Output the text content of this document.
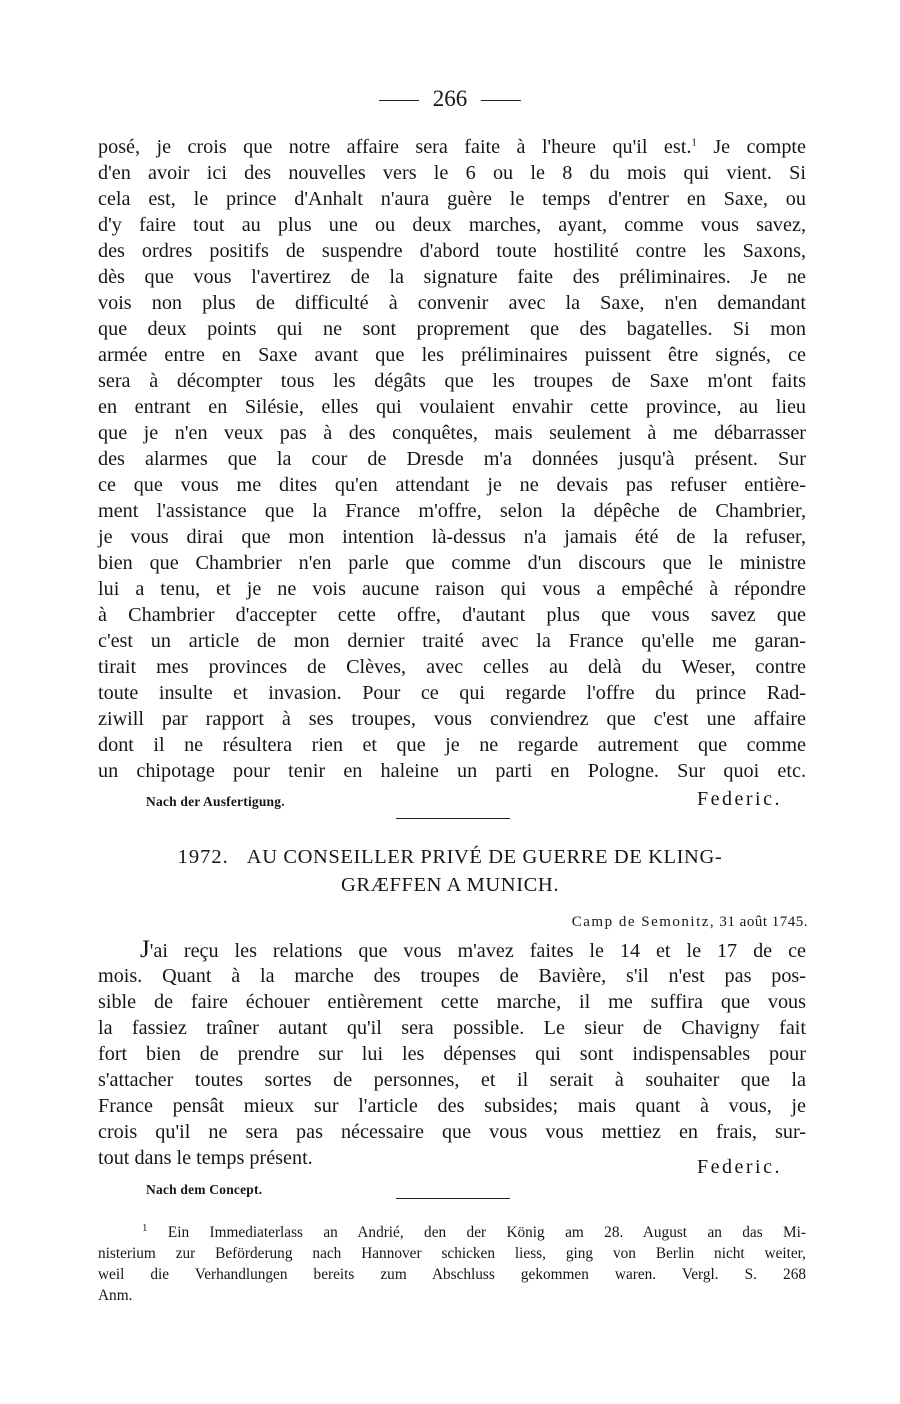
266
posé, je crois que notre affaire sera faite à l'heure qu'il est.$^1$ Je compte
d'en avoir ici des nouvelles vers le 6 ou le 8 du mois qui vient. Si
cela est, le prince d'Anhalt n'aura guère le temps d'entrer en Saxe, ou
d'y faire tout au plus une ou deux marches, ayant, comme vous savez,
des ordres positifs de suspendre d'abord toute hostilité contre les Saxons,
dès que vous l'avertirez de la signature faite des préliminaires. Je ne
vois non plus de difficulté à convenir avec la Saxe, n'en demandant
que deux points qui ne sont proprement que des bagatelles. Si mon
armée entre en Saxe avant que les préliminaires puissent être signés, ce
sera à décompter tous les dégâts que les troupes de Saxe m'ont faits
en entrant en Silésie, elles qui voulaient envahir cette province, au lieu
que je n'en veux pas à des conquêtes, mais seulement à me débarrasser
des alarmes que la cour de Dresde m'a données jusqu'à présent. Sur
ce que vous me dites qu'en attendant je ne devais pas refuser entière-
ment l'assistance que la France m'offre, selon la dépêche de Chambrier,
je vous dirai que mon intention là-dessus n'a jamais été de la refuser,
bien que Chambrier n'en parle que comme d'un discours que le ministre
lui a tenu, et je ne vois aucune raison qui vous a empêché à répondre
à Chambrier d'accepter cette offre, d'autant plus que vous savez que
c'est un article de mon dernier traité avec la France qu'elle me garan-
tirait mes provinces de Clèves, avec celles au delà du Weser, contre
toute insulte et invasion. Pour ce qui regarde l'offre du prince Rad-
ziwill par rapport à ses troupes, vous conviendrez que c'est une affaire
dont il ne résultera rien et que je ne regarde autrement que comme
un chipotage pour tenir en haleine un parti en Pologne. Sur quoi etc.
Nach der Ausfertigung.	Federic.
1972. AU CONSEILLER PRIVÉ DE GUERRE DE KLING-
GRÆFFEN A MUNICH.
Camp de Semonitz, 31 août 1745.
J'ai reçu les relations que vous m'avez faites le 14 et le 17 de ce
mois. Quant à la marche des troupes de Bavière, s'il n'est pas pos-
sible de faire échouer entièrement cette marche, il me suffira que vous
la fassiez traîner autant qu'il sera possible. Le sieur de Chavigny fait
fort bien de prendre sur lui les dépenses qui sont indispensables pour
s'attacher toutes sortes de personnes, et il serait à souhaiter que la
France pensât mieux sur l'article des subsides; mais quant à vous, je
crois qu'il ne sera pas nécessaire que vous vous mettiez en frais, sur-
tout dans le temps présent.	Federic.
Nach dem Concept.
$^1$ Ein Immediaterlass an Andrié, den der König am 28. August an das Mi-
nisterium zur Beförderung nach Hannover schicken liess, ging von Berlin nicht weiter,
weil die Verhandlungen bereits zum Abschluss gekommen waren. Vergl. S. 268
Anm.
